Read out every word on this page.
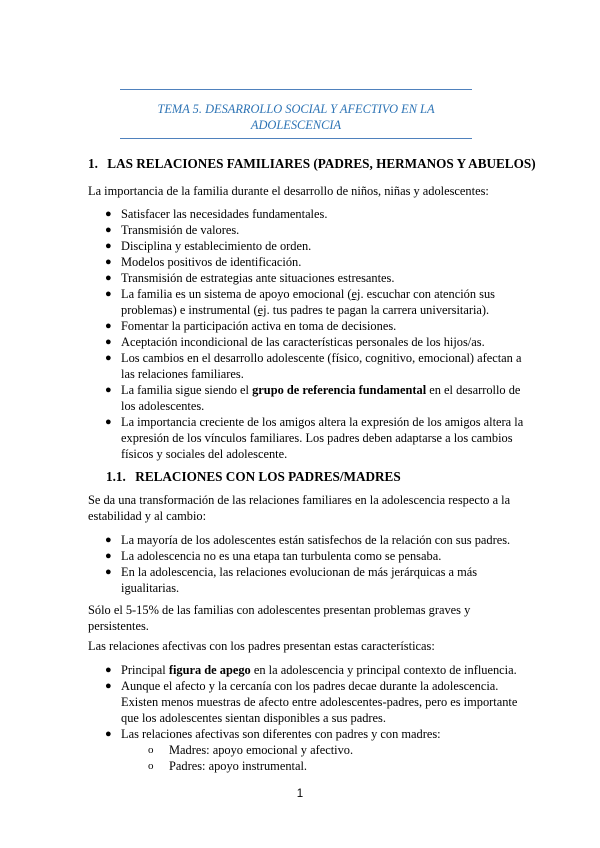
TEMA 5. DESARROLLO SOCIAL Y AFECTIVO EN LA
ADOLESCENCIA
1. LAS RELACIONES FAMILIARES (PADRES, HERMANOS Y ABUELOS)
La importancia de la familia durante el desarrollo de niños, niñas y adolescentes:
● Satisfacer las necesidades fundamentales.
● Transmisión de valores.
● Disciplina y establecimiento de orden.
● Modelos positivos de identificación.
● Transmisión de estrategias ante situaciones estresantes.
● La familia es un sistema de apoyo emocional (ej. escuchar con atención sus problemas) e instrumental (ej. tus padres te pagan la carrera universitaria).
● Fomentar la participación activa en toma de decisiones.
● Aceptación incondicional de las características personales de los hijos/as.
● Los cambios en el desarrollo adolescente (físico, cognitivo, emocional) afectan a las relaciones familiares.
● La familia sigue siendo el grupo de referencia fundamental en el desarrollo de los adolescentes.
● La importancia creciente de los amigos altera la expresión de los amigos altera la expresión de los vínculos familiares. Los padres deben adaptarse a los cambios físicos y sociales del adolescente.
1.1. RELACIONES CON LOS PADRES/MADRES
Se da una transformación de las relaciones familiares en la adolescencia respecto a la estabilidad y al cambio:
● La mayoría de los adolescentes están satisfechos de la relación con sus padres.
● La adolescencia no es una etapa tan turbulenta como se pensaba.
● En la adolescencia, las relaciones evolucionan de más jerárquicas a más igualitarias.
Sólo el 5-15% de las familias con adolescentes presentan problemas graves y persistentes.
Las relaciones afectivas con los padres presentan estas características:
● Principal figura de apego en la adolescencia y principal contexto de influencia.
● Aunque el afecto y la cercanía con los padres decae durante la adolescencia. Existen menos muestras de afecto entre adolescentes-padres, pero es importante que los adolescentes sientan disponibles a sus padres.
● Las relaciones afectivas son diferentes con padres y con madres:
o Madres: apoyo emocional y afectivo.
o Padres: apoyo instrumental.
1
